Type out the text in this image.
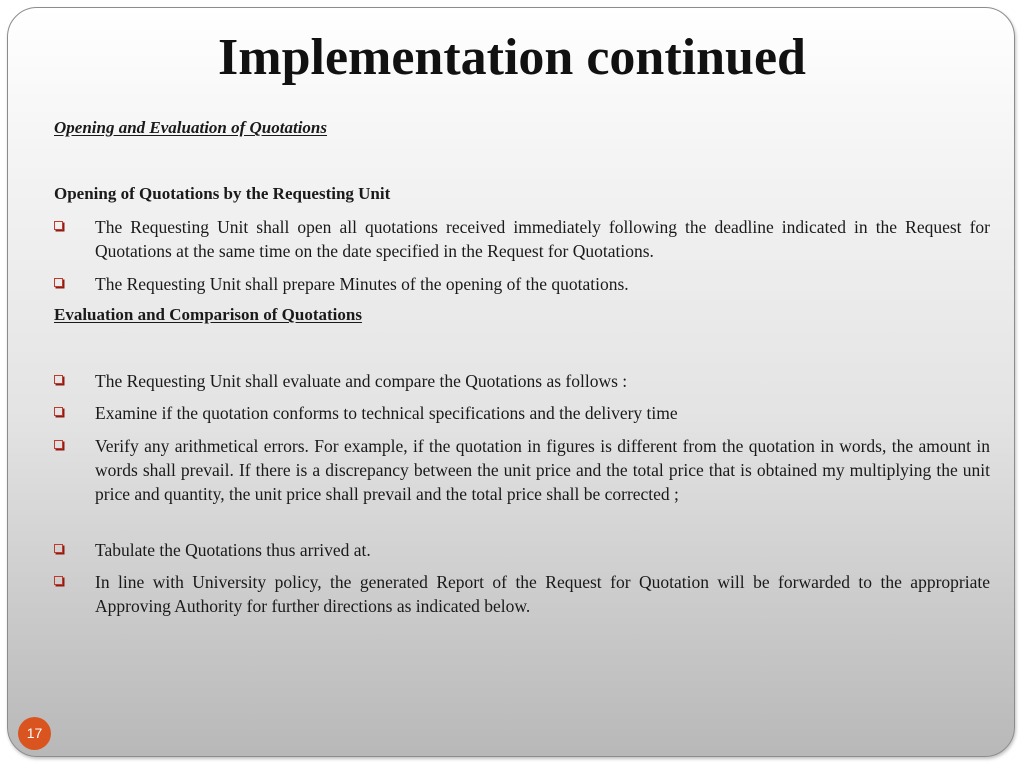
Implementation continued
Opening and Evaluation of Quotations
Opening of Quotations by the Requesting Unit
The Requesting Unit shall open all quotations received immediately following the deadline indicated in the Request for Quotations at the same time on the date specified in the Request for Quotations.
The Requesting Unit shall prepare Minutes of the opening of the quotations.
Evaluation and Comparison of Quotations
The Requesting Unit shall evaluate and compare the Quotations as follows :
Examine if the quotation conforms to technical specifications and the delivery time
Verify any arithmetical errors. For example, if the quotation in figures is different from the quotation in words, the amount in words shall prevail. If there is a discrepancy between the unit price and the total price that is obtained my multiplying the unit price and quantity, the unit price shall prevail and the total price shall be corrected ;
Tabulate the Quotations thus arrived at.
In line with University policy, the generated Report of the Request for Quotation will be forwarded to the appropriate Approving Authority for further directions as indicated below.
17
